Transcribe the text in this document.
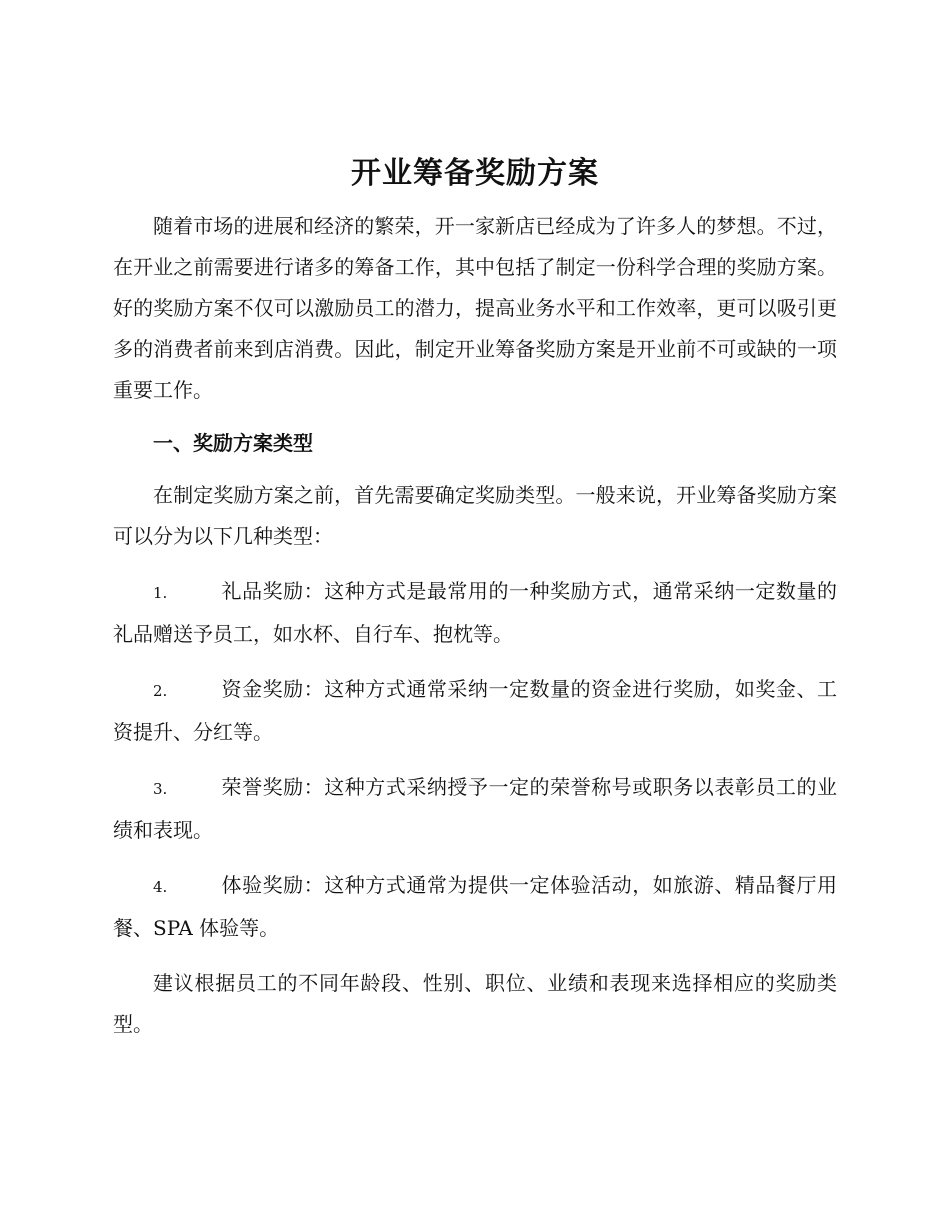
开业筹备奖励方案

随着市场的进展和经济的繁荣，开一家新店已经成为了许多人的梦想。不过，在开业之前需要进行诸多的筹备工作，其中包括了制定一份科学合理的奖励方案。好的奖励方案不仅可以激励员工的潜力，提高业务水平和工作效率，更可以吸引更多的消费者前来到店消费。因此，制定开业筹备奖励方案是开业前不可或缺的一项重要工作。

一、奖励方案类型

在制定奖励方案之前，首先需要确定奖励类型。一般来说，开业筹备奖励方案可以分为以下几种类型：

1.	礼品奖励：这种方式是最常用的一种奖励方式，通常采纳一定数量的礼品赠送予员工，如水杯、自行车、抱枕等。

2.	资金奖励：这种方式通常采纳一定数量的资金进行奖励，如奖金、工资提升、分红等。

3.	荣誉奖励：这种方式采纳授予一定的荣誉称号或职务以表彰员工的业绩和表现。

4.	体验奖励：这种方式通常为提供一定体验活动，如旅游、精品餐厅用餐、SPA 体验等。

建议根据员工的不同年龄段、性别、职位、业绩和表现来选择相应的奖励类型。
